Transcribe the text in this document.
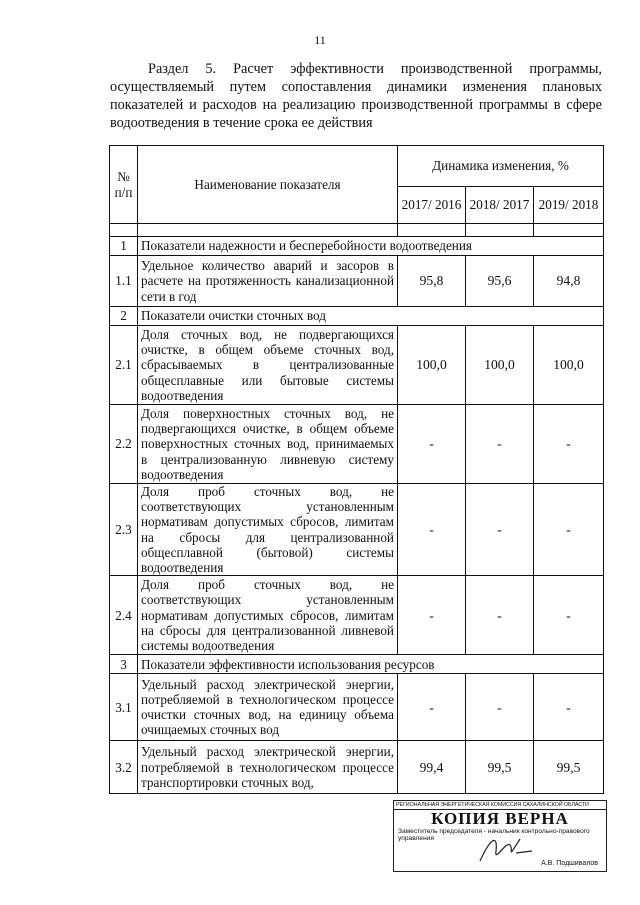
11
Раздел 5. Расчет эффективности производственной программы, осуществляемый путем сопоставления динамики изменения плановых показателей и расходов на реализацию производственной программы в сфере водоотведения в течение срока ее действия
№ п/п	Наименование показателя	Динамика изменения, %		
		2017/ 2016	2018/ 2017	2019/ 2018

1	Показатели надежности и бесперебойности водоотведения			
1.1	Удельное количество аварий и засоров в расчете на протяженность канализационной сети в год	95,8	95,6	94,8
2	Показатели очистки сточных вод			
2.1	Доля сточных вод, не подвергающихся очистке, в общем объеме сточных вод, сбрасываемых в централизованные общесплавные или бытовые системы водоотведения	100,0	100,0	100,0
2.2	Доля поверхностных сточных вод, не подвергающихся очистке, в общем объеме поверхностных сточных вод, принимаемых в централизованную ливневую систему водоотведения	-	-	-
2.3	Доля проб сточных вод, не соответствующих установленным нормативам допустимых сбросов, лимитам на сбросы для централизованной общесплавной (бытовой) системы водоотведения	-	-	-
2.4	Доля проб сточных вод, не соответствующих установленным нормативам допустимых сбросов, лимитам на сбросы для централизованной ливневой системы водоотведения	-	-	-
3	Показатели эффективности использования ресурсов			
3.1	Удельный расход электрической энергии, потребляемой в технологическом процессе очистки сточных вод, на единицу объема очищаемых сточных вод	-	-	-
3.2	Удельный расход электрической энергии, потребляемой в технологическом процессе транспортировки сточных вод,	99,4	99,5	99,5
РЕГИОНАЛЬНАЯ ЭНЕРГЕТИЧЕСКАЯ КОМИССИЯ САХАЛИНСКОЙ ОБЛАСТИ
КОПИЯ ВЕРНА
Заместитель председателя - начальник контрольно-правового управления
А.В. Подшивалов
